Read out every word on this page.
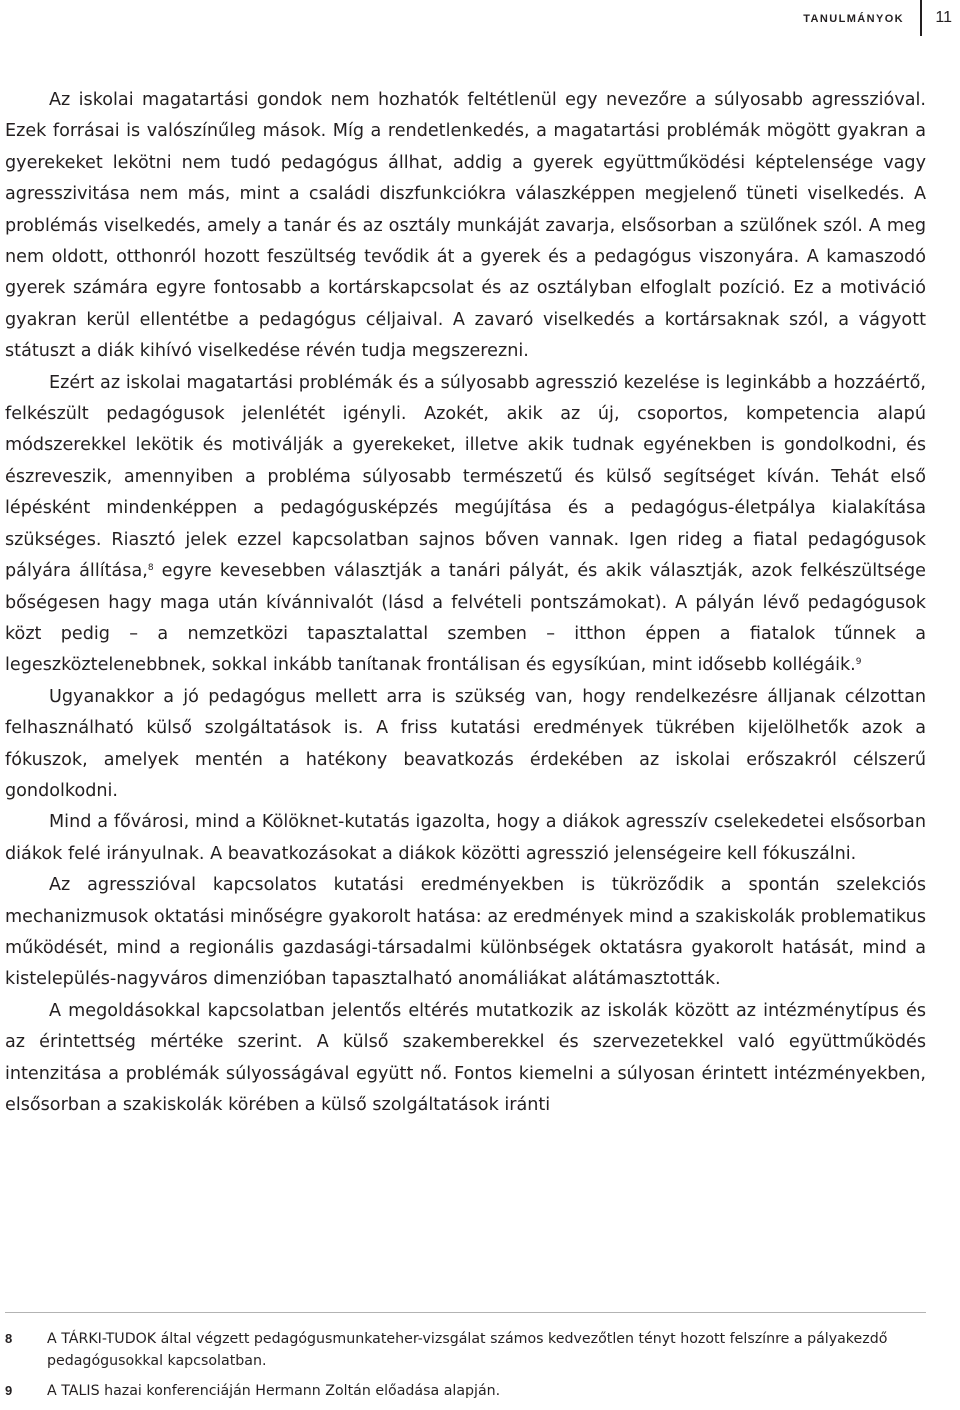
tanulmányok 11

Az iskolai magatartási gondok nem hozhatók feltétlenül egy nevezőre a súlyosabb agresszióval. Ezek forrásai is valószínűleg mások. Míg a rendetlenkedés, a magatartási problémák mögött gyakran a gyerekeket lekötni nem tudó pedagógus állhat, addig a gyerek együttműködési képtelensége vagy agresszivitása nem más, mint a családi diszfunkciókra válaszképpen megjelenő tüneti viselkedés. A problémás viselkedés, amely a tanár és az osztály munkáját zavarja, elsősorban a szülőnek szól. A meg nem oldott, otthonról hozott feszültség tevődik át a gyerek és a pedagógus viszonyára. A kamaszodó gyerek számára egyre fontosabb a kortárskapcsolat és az osztályban elfoglalt pozíció. Ez a motiváció gyakran kerül ellentétbe a pedagógus céljaival. A zavaró viselkedés a kortársaknak szól, a vágyott státuszt a diák kihívó viselkedése révén tudja megszerezni.

Ezért az iskolai magatartási problémák és a súlyosabb agresszió kezelése is leginkább a hozzáértő, felkészült pedagógusok jelenlétét igényli. Azokét, akik az új, csoportos, kompetencia alapú módszerekkel lekötik és motiválják a gyerekeket, illetve akik tudnak egyénekben is gondolkodni, és észreveszik, amennyiben a probléma súlyosabb természetű és külső segítséget kíván. Tehát első lépésként mindenképpen a pedagógusképzés megújítása és a pedagógus-életpálya kialakítása szükséges. Riasztó jelek ezzel kapcsolatban sajnos bőven vannak. Igen rideg a fiatal pedagógusok pályára állítása,$^8$ egyre kevesebben választják a tanári pályát, és akik választják, azok felkészültsége bőségesen hagy maga után kívánnivalót (lásd a felvételi pontszámokat). A pályán lévő pedagógusok közt pedig – a nemzetközi tapasztalattal szemben – itthon éppen a fiatalok tűnnek a legeszköztelenebbnek, sokkal inkább tanítanak frontálisan és egysíkúan, mint idősebb kollégáik.$^9$

Ugyanakkor a jó pedagógus mellett arra is szükség van, hogy rendelkezésre álljanak célzottan felhasználható külső szolgáltatások is. A friss kutatási eredmények tükrében kijelölhetők azok a fókuszok, amelyek mentén a hatékony beavatkozás érdekében az iskolai erőszakról célszerű gondolkodni.

Mind a fővárosi, mind a Kölöknet-kutatás igazolta, hogy a diákok agresszív cselekedetei elsősorban diákok felé irányulnak. A beavatkozásokat a diákok közötti agresszió jelenségeire kell fókuszálni.

Az agresszióval kapcsolatos kutatási eredményekben is tükröződik a spontán szelekciós mechanizmusok oktatási minőségre gyakorolt hatása: az eredmények mind a szakiskolák problematikus működését, mind a regionális gazdasági-társadalmi különbségek oktatásra gyakorolt hatását, mind a kistelepülés-nagyváros dimenzióban tapasztalható anomáliákat alátámasztották.

A megoldásokkal kapcsolatban jelentős eltérés mutatkozik az iskolák között az intézménytípus és az érintettség mértéke szerint. A külső szakemberekkel és szervezetekkel való együttműködés intenzitása a problémák súlyosságával együtt nő. Fontos kiemelni a súlyosan érintett intézményekben, elsősorban a szakiskolák körében a külső szolgáltatások iránti

8 A TÁRKI-TUDOK által végzett pedagógusmunkateher-vizsgálat számos kedvezőtlen tényt hozott felszínre a pályakezdő pedagógusokkal kapcsolatban.
9 A TALIS hazai konferenciáján Hermann Zoltán előadása alapján.
